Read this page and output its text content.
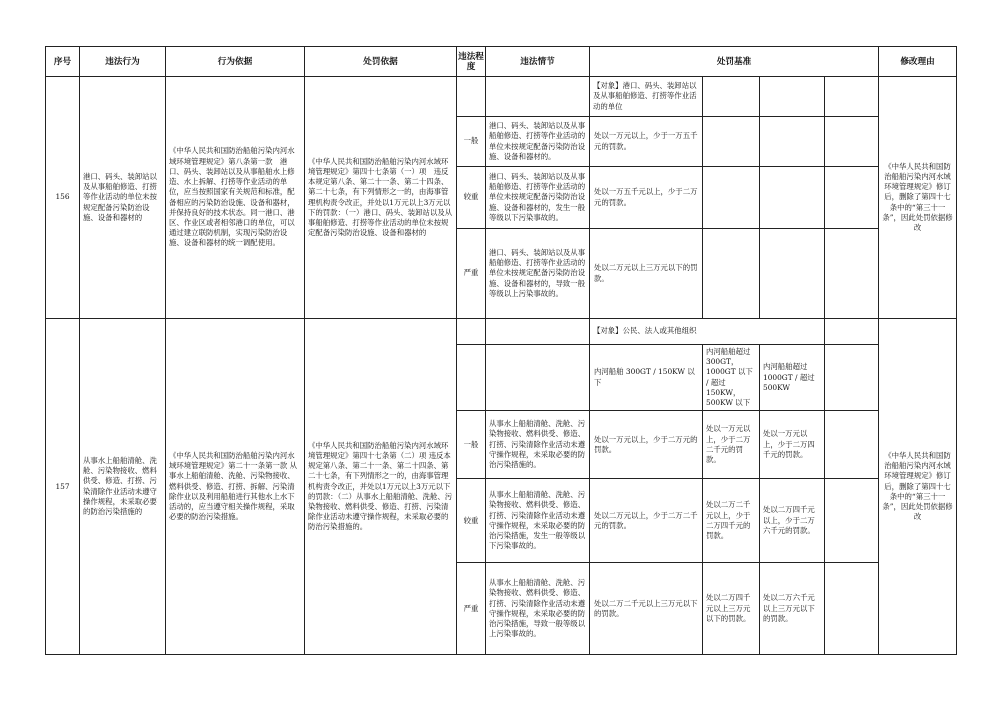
序号	违法行为	行为依据	处罚依据	违法程度	违法情节	处罚基准				修改理由
156	港口、码头、装卸站以及从事船舶修造、打捞等作业活动的单位未按规定配备污染防治设施、设备和器材的	《中华人民共和国防治船舶污染内河水域环境管理规定》第八条第一款　港口、码头、装卸站以及从事船舶水上修造、水上拆解、打捞等作业活动的单位，应当按照国家有关规范和标准，配备相应的污染防治设施、设备和器材，并保持良好的技术状态。同一港口、港区、作业区或者相邻港口的单位，可以通过建立联防机制，实现污染防治设施、设备和器材的统一调配使用。	《中华人民共和国防治船舶污染内河水域环境管理规定》第四十七条第（一）项　违反本规定第八条、第二十一条、第二十四条、第二十七条，有下列情形之一的，由海事管理机构责令改正，并处以1万元以上3万元以下的罚款：（一）港口、码头、装卸站以及从事船舶修造、打捞等作业活动的单位未按规定配备污染防治设施、设备和器材的			【对象】港口、码头、装卸站以及从事船舶修造、打捞等作业活动的单位				《中华人民共和国防治船舶污染内河水域环境管理规定》修订后，删除了第四十七条中的“第三十一条”，因此处罚依据修改
				一般	港口、码头、装卸站以及从事船舶修造、打捞等作业活动的单位未按规定配备污染防治设施、设备和器材的。	处以一万元以上，少于一万五千元的罚款。				
				较重	港口、码头、装卸站以及从事船舶修造、打捞等作业活动的单位未按规定配备污染防治设施、设备和器材的，发生一般等级以下污染事故的。	处以一万五千元以上，少于二万元的罚款。				
				严重	港口、码头、装卸站以及从事船舶修造、打捞等作业活动的单位未按规定配备污染防治设施、设备和器材的，导致一般等级以上污染事故的。	处以二万元以上三万元以下的罚款。				
157	从事水上船舶清舱、洗舱、污染物接收、燃料供受、修造、打捞、污染清除作业活动未遵守操作规程，未采取必要的防治污染措施的	《中华人民共和国防治船舶污染内河水域环境管理规定》第二十一条第一款 从事水上船舶清舱、洗舱、污染物接收、燃料供受、修造、打捞、拆解、污染清除作业以及利用船舶进行其他水上水下活动的，应当遵守相关操作规程，采取必要的防治污染措施。	《中华人民共和国防治船舶污染内河水域环境管理规定》第四十七条第（二）项 违反本规定第八条、第二十一条、第二十四条、第二十七条，有下列情形之一的，由海事管理机构责令改正，并处以1万元以上3万元以下的罚款：（二）从事水上船舶清舱、洗舱、污染物接收、燃料供受、修造、打捞、污染清除作业活动未遵守操作规程，未采取必要的防治污染措施的。			【对象】公民、法人或其他组织				《中华人民共和国防治船舶污染内河水域环境管理规定》修订后，删除了第四十七条中的“第三十一条”，因此处罚依据修改
						内河船舶 300GT / 150KW 以下	内河船舶超过 300GT，1000GT 以下 / 超过 150KW，500KW 以下	内河船舶超过 1000GT / 超过 500KW		
				一般	从事水上船舶清舱、洗舱、污染物接收、燃料供受、修造、打捞、污染清除作业活动未遵守操作规程，未采取必要的防治污染措施的。	处以一万元以上，少于二万元的罚款。	处以一万元以上，少于二万二千元的罚款。	处以一万元以上，少于二万四千元的罚款。		
				较重	从事水上船舶清舱、洗舱、污染物接收、燃料供受、修造、打捞、污染清除作业活动未遵守操作规程，未采取必要的防治污染措施，发生一般等级以下污染事故的。	处以二万元以上，少于二万二千元的罚款。	处以二万二千元以上，少于二万四千元的罚款。	处以二万四千元以上，少于二万六千元的罚款。		
				严重	从事水上船舶清舱、洗舱、污染物接收、燃料供受、修造、打捞、污染清除作业活动未遵守操作规程，未采取必要的防治污染措施，导致一般等级以上污染事故的。	处以二万二千元以上三万元以下的罚款。	处以二万四千元以上三万元以下的罚款。	处以二万六千元以上三万元以下的罚款。		
